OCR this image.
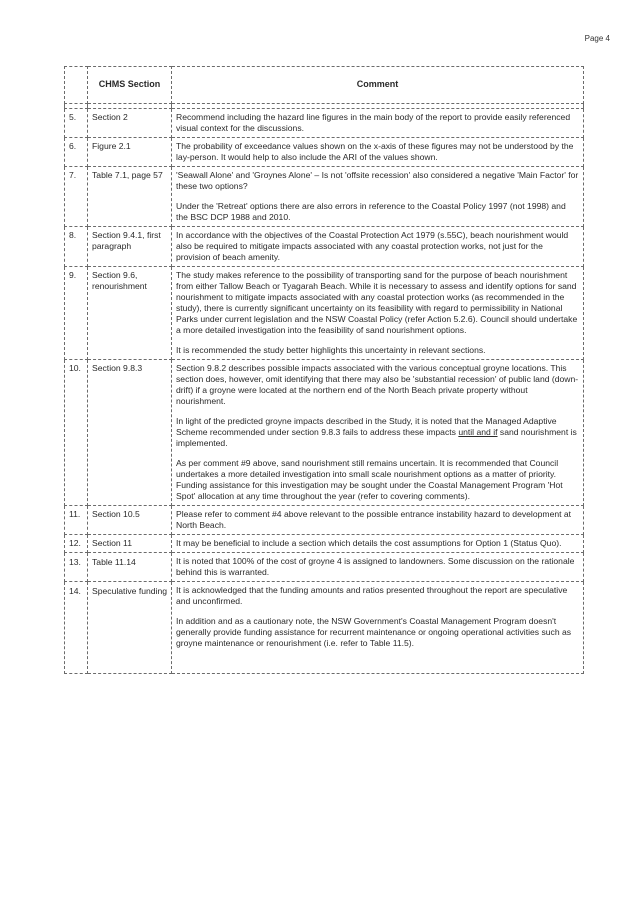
Page 4
	CHMS Section	Comment

5.	Section 2	Recommend including the hazard line figures in the main body of the report to provide easily referenced visual context for the discussions.

6.	Figure 2.1	The probability of exceedance values shown on the x-axis of these figures may not be understood by the lay-person. It would help to also include the ARI of the values shown.

7.	Table 7.1, page 57	'Seawall Alone' and 'Groynes Alone' – Is not 'offsite recession' also considered a negative 'Main Factor' for these two options?

Under the 'Retreat' options there are also errors in reference to the Coastal Policy 1997 (not 1998) and the BSC DCP 1988 and 2010.

8.	Section 9.4.1, first paragraph	In accordance with the objectives of the Coastal Protection Act 1979 (s.55C), beach nourishment would also be required to mitigate impacts associated with any coastal protection works, not just for the provision of beach amenity.

9.	Section 9.6, renourishment	The study makes reference to the possibility of transporting sand for the purpose of beach nourishment from either Tallow Beach or Tyagarah Beach. While it is necessary to assess and identify options for sand nourishment to mitigate impacts associated with any coastal protection works (as recommended in the study), there is currently significant uncertainty on its feasibility with regard to permissibility in National Parks under current legislation and the NSW Coastal Policy (refer Action 5.2.6). Council should undertake a more detailed investigation into the feasibility of sand nourishment options.

It is recommended the study better highlights this uncertainty in relevant sections.

10.	Section 9.8.3	Section 9.8.2 describes possible impacts associated with the various conceptual groyne locations. This section does, however, omit identifying that there may also be 'substantial recession' of public land (down-drift) if a groyne were located at the northern end of the North Beach private property without nourishment.

In light of the predicted groyne impacts described in the Study, it is noted that the Managed Adaptive Scheme recommended under section 9.8.3 fails to address these impacts until and if sand nourishment is implemented.

As per comment #9 above, sand nourishment still remains uncertain. It is recommended that Council undertakes a more detailed investigation into small scale nourishment options as a matter of priority. Funding assistance for this investigation may be sought under the Coastal Management Program 'Hot Spot' allocation at any time throughout the year (refer to covering comments).

11.	Section 10.5	Please refer to comment #4 above relevant to the possible entrance instability hazard to development at North Beach.

12.	Section 11	It may be beneficial to include a section which details the cost assumptions for Option 1 (Status Quo).

13.	Table 11.14	It is noted that 100% of the cost of groyne 4 is assigned to landowners. Some discussion on the rationale behind this is warranted.

14.	Speculative funding	It is acknowledged that the funding amounts and ratios presented throughout the report are speculative and unconfirmed.

In addition and as a cautionary note, the NSW Government's Coastal Management Program doesn't generally provide funding assistance for recurrent maintenance or ongoing operational activities such as groyne maintenance or renourishment (i.e. refer to Table 11.5).
